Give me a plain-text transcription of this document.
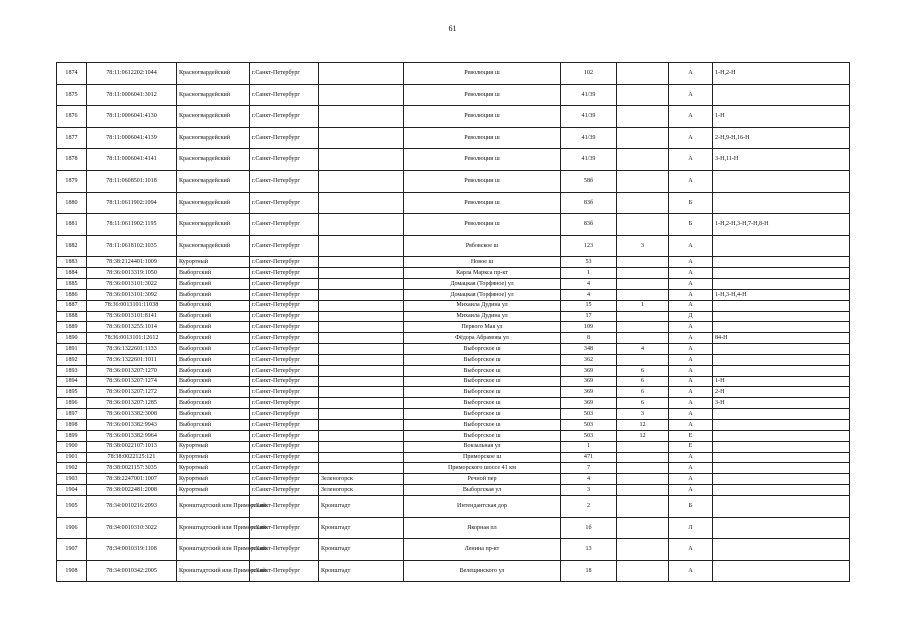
61
1874	78:11:0612202:1044	Красногвардейский	г.Санкт-Петербург		Революции ш	102		А	1-Н,2-Н
1875	78:11:0006041:3012	Красногвардейский	г.Санкт-Петербург		Революции ш	41/39		А	
1876	78:11:0006041:4130	Красногвардейский	г.Санкт-Петербург		Революции ш	41/39		А	1-Н
1877	78:11:0006041:4139	Красногвардейский	г.Санкт-Петербург		Революции ш	41/39		А	2-Н,9-Н,16-Н
1878	78:11:0006041:4141	Красногвардейский	г.Санкт-Петербург		Революции ш	41/39		А	3-Н,11-Н
1879	78:11:0608501:1018	Красногвардейский	г.Санкт-Петербург		Революции ш	58б		А	
1880	78:11:0611902:1094	Красногвардейский	г.Санкт-Петербург		Революции ш	83б		Б	
1881	78:11:0611902:1195	Красногвардейский	г.Санкт-Петербург		Революции ш	83б		Б	1-Н,2-Н,3-Н,7-Н,8-Н
1882	78:11:0618102:1035	Красногвардейский	г.Санкт-Петербург		Рябовское ш	123	3	А	
1883	78:38:2124401:1009	Курортный	г.Санкт-Петербург		Новое ш	53		А	
1884	78:36:0013319:1050	Выборгский	г.Санкт-Петербург		Карла Маркса пр-кт	1		А	
1885	78:36:0013101:3022	Выборгский	г.Санкт-Петербург		Домацкая (Торфяное) ул	4		А	
1886	78:36:0013101:3092	Выборгский	г.Санкт-Петербург		Домацкая (Торфяное) ул	4		А	1-Н,3-Н,4-Н
1887	78:36:0013101:11038	Выборгский	г.Санкт-Петербург		Михаила Дудина ул	15	1	А	
1888	78:36:0013101:8141	Выборгский	г.Санкт-Петербург		Михаила Дудина ул	17		Д	
1889	78:36:0013255:1014	Выборгский	г.Санкт-Петербург		Первого Мая ул	109		А	
1890	78:36:0013101:12612	Выборгский	г.Санкт-Петербург		Фёдора Абрамова ул	8		А	84-Н
1891	78:36:1322601:1133	Выборгский	г.Санкт-Петербург		Выборгское ш	348	4	А	
1892	78:36:1322601:1011	Выборгский	г.Санкт-Петербург		Выборгское ш	362		А	
1893	78:36:0013207:1270	Выборгский	г.Санкт-Петербург		Выборгское ш	369	6	А	
1894	78:36:0013207:1274	Выборгский	г.Санкт-Петербург		Выборгское ш	369	6	А	1-Н
1895	78:36:0013207:1272	Выборгский	г.Санкт-Петербург		Выборгское ш	369	6	А	2-Н
1896	78:36:0013207:1285	Выборгский	г.Санкт-Петербург		Выборгское ш	369	6	А	3-Н
1897	78:36:0013382:3008	Выборгский	г.Санкт-Петербург		Выборгское ш	503	3	А	
1898	78:36:0013382:9943	Выборгский	г.Санкт-Петербург		Выборгское ш	503	12	А	
1899	78:36:0013382:9964	Выборгский	г.Санкт-Петербург		Выборгское ш	503	12	Е	
1900	78:38:0022107:1013	Курортный	г.Санкт-Петербург		Вокзальная ул	1		Е	
1901	78:38:0022125:121	Курортный	г.Санкт-Петербург		Приморское ш	471		А	
1902	78:38:0021157:3035	Курортный	г.Санкт-Петербург		Приморского шоссе 41 км	7		А	
1903	78:38:2247001:1007	Курортный	г.Санкт-Петербург	Зеленогорск	Речной пер	4		А	
1904	78:38:0022481:2008	Курортный	г.Санкт-Петербург	Зеленогорск	Выборгская ул	3		А	
1905	78:34:0010216:2093	Кронштадтский или Приморский	г.Санкт-Петербург	Кронштадт	Интендантская дор	2		Б	
1906	78:34:0010310:3022	Кронштадтский или Приморский	г.Санкт-Петербург	Кронштадт	Якорная пл	1б		Л	
1907	78:34:0010319:1108	Кронштадтский или Приморский	г.Санкт-Петербург	Кронштадт	Ленина пр-кт	13		А	
1908	78:34:0010342:2005	Кронштадтский или Приморский	г.Санкт-Петербург	Кронштадт	Велещинского ул	18		А	
